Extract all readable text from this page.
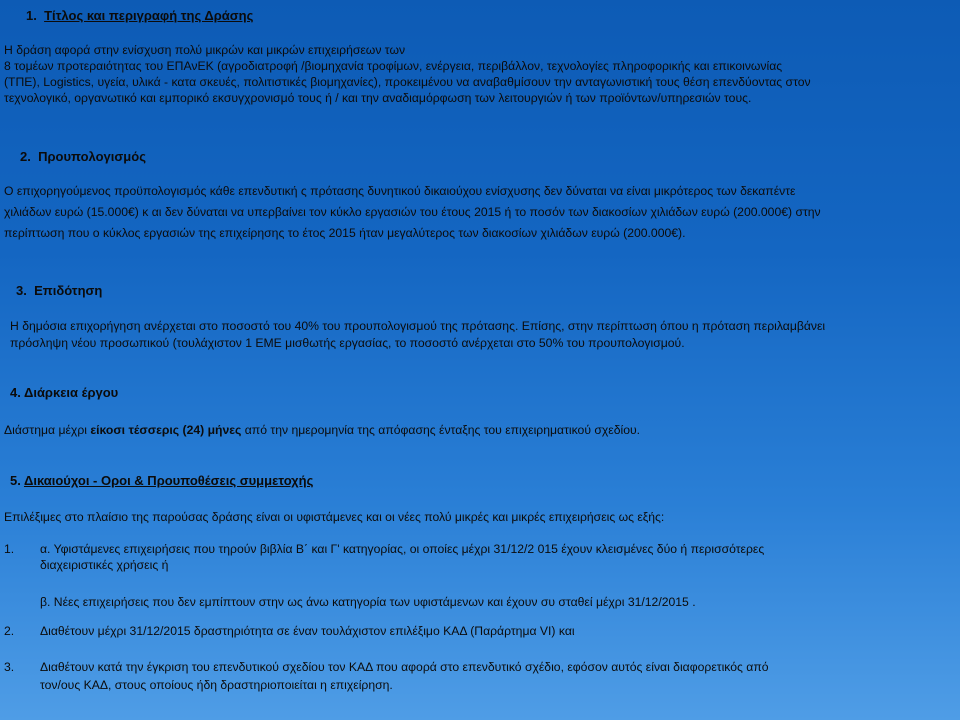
1. Τίτλος και περιγραφή της Δράσης
Η δράση αφορά στην ενίσχυση πολύ μικρών και μικρών επιχειρήσεων των
8 τομέων προτεραιότητας του ΕΠΑνΕΚ (αγροδιατροφή /βιομηχανία τροφίμων, ενέργεια, περιβάλλον, τεχνολογίες πληροφορικής και επικοινωνίας
(ΤΠΕ), Logistics, υγεία, υλικά - κατα σκευές, πολιτιστικές βιομηχανίες), προκειμένου να αναβαθμίσουν την ανταγωνιστική τους θέση επενδύοντας στον
τεχνολογικό, οργανωτικό και εμπορικό εκσυγχρονισμό τους ή / και την αναδιαμόρφωση των λειτουργιών ή των προϊόντων/υπηρεσιών τους.
2. Προυπολογισμός
Ο επιχορηγούμενος προϋπολογισμός κάθε επενδυτική ς πρότασης δυνητικού δικαιούχου ενίσχυσης δεν δύναται να είναι μικρότερος των δεκαπέντε
χιλιάδων ευρώ (15.000€) κ αι δεν δύναται να υπερβαίνει τον κύκλο εργασιών του έτους 2015 ή το ποσόν των διακοσίων χιλιάδων ευρώ (200.000€) στην
περίπτωση που ο κύκλος εργασιών της επιχείρησης το έτος 2015 ήταν μεγαλύτερος των διακοσίων χιλιάδων ευρώ (200.000€).
3. Επιδότηση
Η δημόσια επιχορήγηση ανέρχεται στο ποσοστό του 40% του προυπολογισμού της πρότασης. Επίσης, στην περίπτωση όπου η πρόταση περιλαμβάνει
πρόσληψη νέου προσωπικού (τουλάχιστον 1 ΕΜΕ μισθωτής εργασίας, το ποσοστό ανέρχεται στο 50% του προυπολογισμού.
4. Διάρκεια έργου
Διάστημα μέχρι είκοσι τέσσερις (24) μήνες από την ημερομηνία της απόφασης ένταξης του επιχειρηματικού σχεδίου.
5. Δικαιούχοι - Οροι & Προυποθέσεις συμμετοχής
Επιλέξιμες στο πλαίσιο της παρούσας δράσης είναι οι υφιστάμενες και οι νέες πολύ μικρές και μικρές επιχειρήσεις ως εξής:
1. α. Υφιστάμενες επιχειρήσεις που τηρούν βιβλία Β΄ και Γ' κατηγορίας, οι οποίες μέχρι 31/12/2 015 έχουν κλεισμένες δύο ή περισσότερες
διαχειριστικές χρήσεις ή
β. Νέες επιχειρήσεις που δεν εμπίπτουν στην ως άνω κατηγορία των υφιστάμενων και έχουν συ σταθεί μέχρι 31/12/2015 .
2. Διαθέτουν μέχρι 31/12/2015 δραστηριότητα σε έναν τουλάχιστον επιλέξιμο ΚΑΔ (Παράρτημα VI) και
3. Διαθέτουν κατά την έγκριση του επενδυτικού σχεδίου τον ΚΑΔ που αφορά στο επενδυτικό σχέδιο, εφόσον αυτός είναι διαφορετικός από
τον/ους ΚΑΔ, στους οποίους ήδη δραστηριοποιείται η επιχείρηση.
